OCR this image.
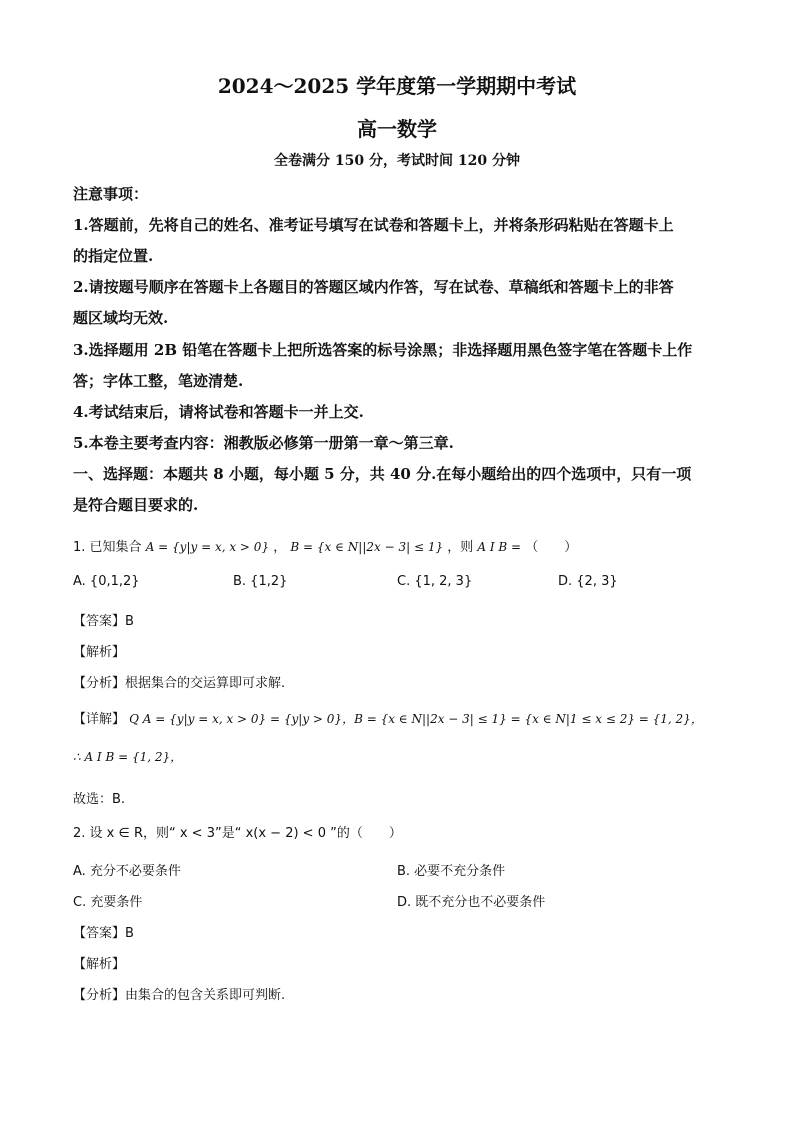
2024～2025 学年度第一学期期中考试
高一数学
全卷满分 150 分，考试时间 120 分钟
注意事项：
1.答题前，先将自己的姓名、准考证号填写在试卷和答题卡上，并将条形码粘贴在答题卡上
的指定位置.
2.请按题号顺序在答题卡上各题目的答题区域内作答，写在试卷、草稿纸和答题卡上的非答
题区域均无效.
3.选择题用 2B 铅笔在答题卡上把所选答案的标号涂黑；非选择题用黑色签字笔在答题卡上作
答；字体工整，笔迹清楚.
4.考试结束后，请将试卷和答题卡一并上交.
5.本卷主要考查内容：湘教版必修第一册第一章～第三章.
一、选择题：本题共 8 小题，每小题 5 分，共 40 分.在每小题给出的四个选项中，只有一项
是符合题目要求的.
1. 已知集合 A = {y|y = x, x > 0} ， B = {x ∈ N||2x − 3| ≤ 1} ，则 A I B = （　　）
A. {0,1,2}	B. {1,2}	C. {1, 2, 3}	D. {2, 3}
【答案】B
【解析】
【分析】根据集合的交运算即可求解.
【详解】 Q A = {y|y = x, x > 0} = {y|y > 0}，B = {x ∈ N||2x − 3| ≤ 1} = {x ∈ N|1 ≤ x ≤ 2} = {1, 2}，
∴ A I B = {1, 2}，
故选：B.
2. 设 x ∈ R，则“ x < 3”是“ x(x − 2) < 0 ”的（　　）
A. 充分不必要条件	B. 必要不充分条件
C. 充要条件	D. 既不充分也不必要条件
【答案】B
【解析】
【分析】由集合的包含关系即可判断.
